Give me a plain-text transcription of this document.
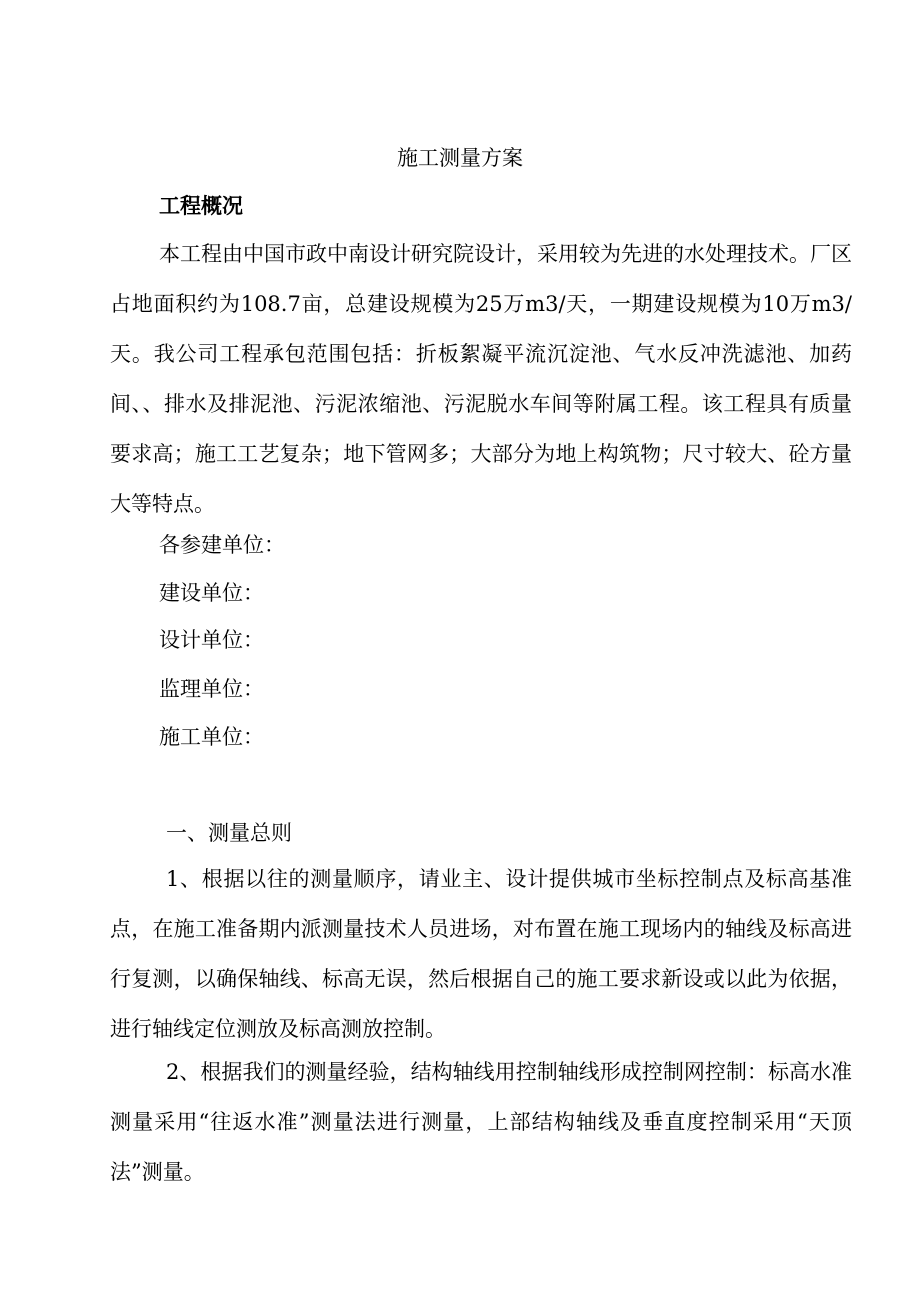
施工测量方案
工程概况

本工程由中国市政中南设计研究院设计，采用较为先进的水处理技术。厂区占地面积约为108.7亩，总建设规模为25万m3/天，一期建设规模为10万m3/天。我公司工程承包范围包括：折板絮凝平流沉淀池、气水反冲洗滤池、加药间、、排水及排泥池、污泥浓缩池、污泥脱水车间等附属工程。该工程具有质量要求高；施工工艺复杂；地下管网多；大部分为地上构筑物；尺寸较大、砼方量大等特点。

各参建单位：
建设单位：
设计单位：
监理单位：
施工单位：
一、测量总则

1、根据以往的测量顺序，请业主、设计提供城市坐标控制点及标高基准点，在施工准备期内派测量技术人员进场，对布置在施工现场内的轴线及标高进行复测，以确保轴线、标高无误，然后根据自己的施工要求新设或以此为依据，进行轴线定位测放及标高测放控制。

2、根据我们的测量经验，结构轴线用控制轴线形成控制网控制：标高水准测量采用“往返水准”测量法进行测量，上部结构轴线及垂直度控制采用“天顶法”测量。
